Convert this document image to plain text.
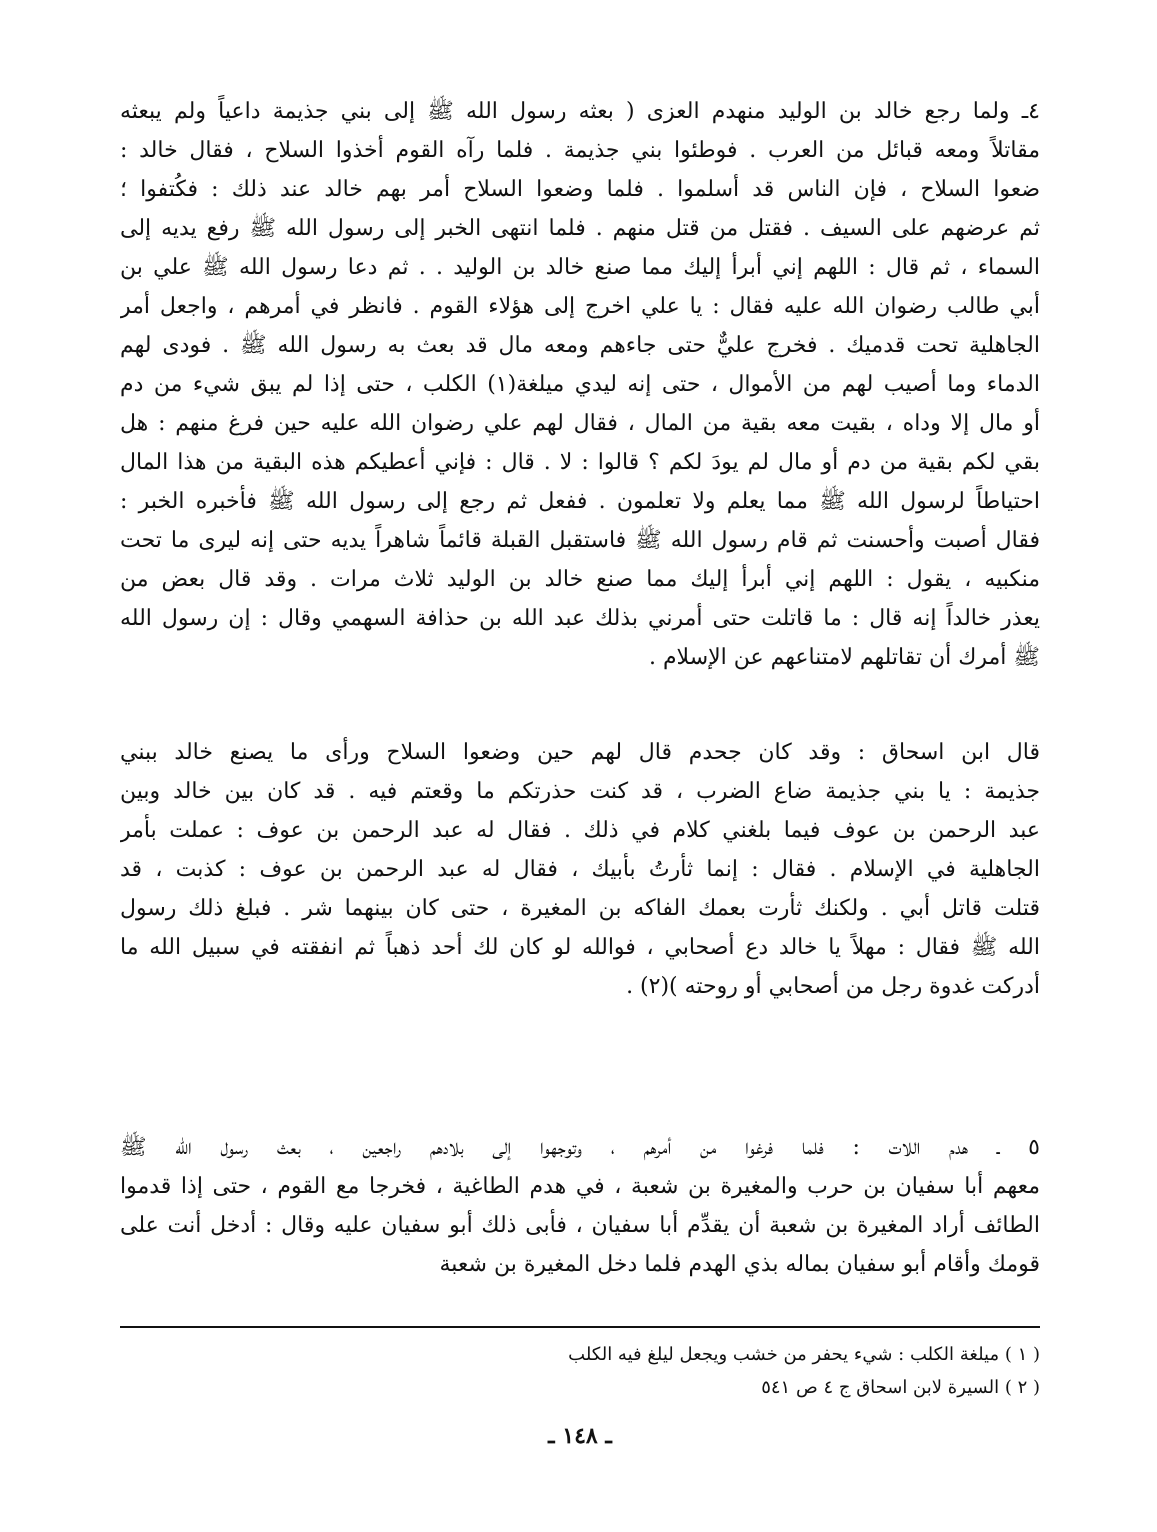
٤ـ ولما رجع خالد بن الوليد منهدم العزى ( بعثه رسول الله ﷺ إلى بني جذيمة داعياً ولم يبعثه
مقاتلاً ومعه قبائل من العرب . فوطئوا بني جذيمة . فلما رآه القوم أخذوا السلاح ، فقال خالد :
ضعوا السلاح ، فإن الناس قد أسلموا . فلما وضعوا السلاح أمر بهم خالد عند ذلك : فكُتفوا ؛
ثم عرضهم على السيف . فقتل من قتل منهم . فلما انتهى الخبر إلى رسول الله ﷺ رفع يديه إلى
السماء ، ثم قال : اللهم إني أبرأ إليك مما صنع خالد بن الوليد . . ثم دعا رسول الله ﷺ علي بن
أبي طالب رضوان الله عليه فقال : يا علي اخرج إلى هؤلاء القوم . فانظر في أمرهم ، واجعل أمر
الجاهلية تحت قدميك . فخرج عليٌّ حتى جاءهم ومعه مال قد بعث به رسول الله ﷺ . فودى لهم
الدماء وما أصيب لهم من الأموال ، حتى إنه ليدي ميلغة(١) الكلب ، حتى إذا لم يبق شيء من دم
أو مال إلا وداه ، بقيت معه بقية من المال ، فقال لهم علي رضوان الله عليه حين فرغ منهم : هل
بقي لكم بقية من دم أو مال لم يودَ لكم ؟ قالوا : لا . قال : فإني أعطيكم هذه البقية من هذا المال
احتياطاً لرسول الله ﷺ مما يعلم ولا تعلمون . ففعل ثم رجع إلى رسول الله ﷺ فأخبره الخبر :
فقال أصبت وأحسنت ثم قام رسول الله ﷺ فاستقبل القبلة قائماً شاهراً يديه حتى إنه ليرى ما تحت
منكبيه ، يقول : اللهم إني أبرأ إليك مما صنع خالد بن الوليد ثلاث مرات . وقد قال بعض من
يعذر خالداً إنه قال : ما قاتلت حتى أمرني بذلك عبد الله بن حذافة السهمي وقال : إن رسول الله
ﷺ أمرك أن تقاتلهم لامتناعهم عن الإسلام .
قال ابن اسحاق : وقد كان جحدم قال لهم حين وضعوا السلاح ورأى ما يصنع خالد ببني
جذيمة : يا بني جذيمة ضاع الضرب ، قد كنت حذرتكم ما وقعتم فيه . قد كان بين خالد وبين
عبد الرحمن بن عوف فيما بلغني كلام في ذلك . فقال له عبد الرحمن بن عوف : عملت بأمر
الجاهلية في الإسلام . فقال : إنما ثأرتُ بأبيك ، فقال له عبد الرحمن بن عوف : كذبت ، قد
قتلت قاتل أبي . ولكنك ثأرت بعمك الفاكه بن المغيرة ، حتى كان بينهما شر . فبلغ ذلك رسول
الله ﷺ فقال : مهلاً يا خالد دع أصحابي ، فوالله لو كان لك أحد ذهباً ثم انفقته في سبيل الله ما
أدركت غدوة رجل من أصحابي أو روحته )(٢) .
٥ ـ هدم اللات : فلما فرغوا من أمرهم ، وتوجهوا إلى بلادهم راجعين ، بعث رسول الله ﷺ
معهم أبا سفيان بن حرب والمغيرة بن شعبة ، في هدم الطاغية ، فخرجا مع القوم ، حتى إذا قدموا
الطائف أراد المغيرة بن شعبة أن يقدِّم أبا سفيان ، فأبى ذلك أبو سفيان عليه وقال : أدخل أنت على
قومك وأقام أبو سفيان بماله بذي الهدم فلما دخل المغيرة بن شعبة
( ١ ) ميلغة الكلب : شيء يحفر من خشب ويجعل ليلغ فيه الكلب
( ٢ ) السيرة لابن اسحاق ج ٤ ص ٥٤١
ـ ١٤٨ ـ
